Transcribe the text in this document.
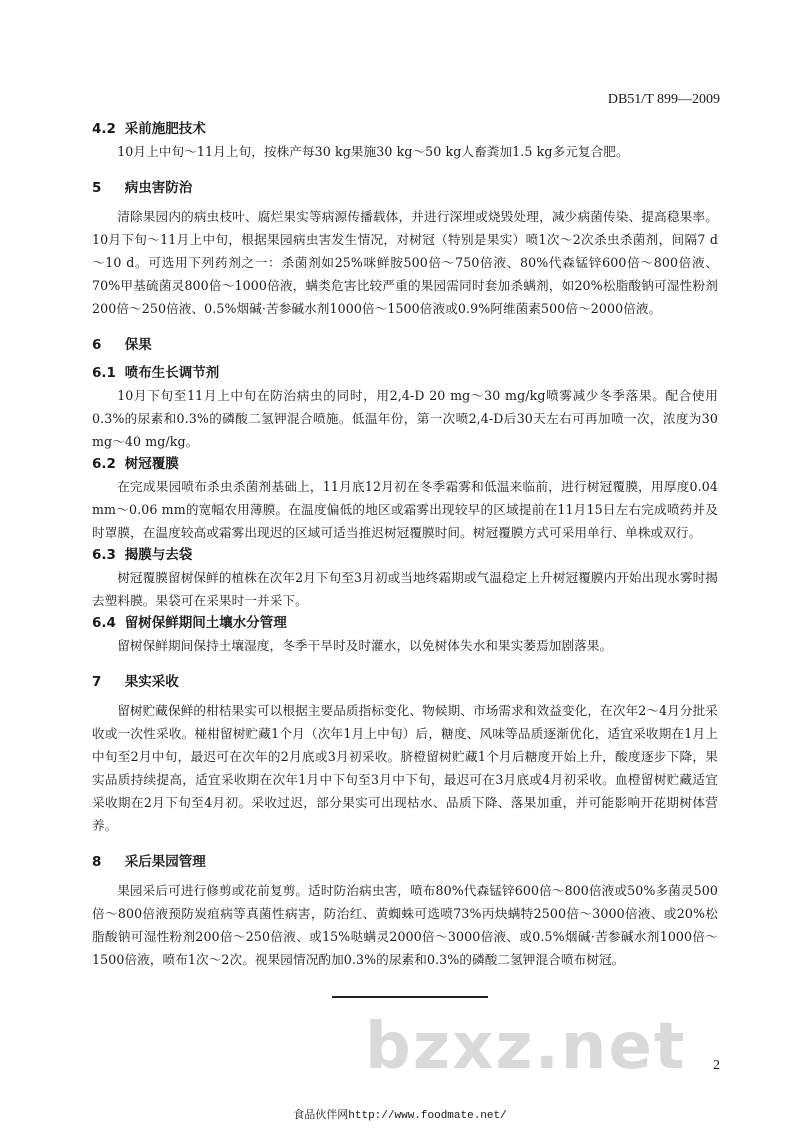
DB51/T 899—2009

4.2 采前施肥技术

10月上中旬～11月上旬，按株产每30 kg果施30 kg～50 kg人畜粪加1.5 kg多元复合肥。

5 病虫害防治

清除果园内的病虫枝叶、腐烂果实等病源传播载体，并进行深埋或烧毁处理，减少病菌传染、提高稳果率。10月下旬～11月上中旬，根据果园病虫害发生情况，对树冠（特别是果实）喷1次～2次杀虫杀菌剂，间隔7 d～10 d。可选用下列药剂之一：杀菌剂如25%咪鲜胺500倍～750倍液、80%代森锰锌600倍～800倍液、70%甲基硫菌灵800倍～1000倍液，螨类危害比较严重的果园需同时套加杀螨剂，如20%松脂酸钠可湿性粉剂200倍～250倍液、0.5%烟碱·苦参碱水剂1000倍～1500倍液或0.9%阿维菌素500倍～2000倍液。

6 保果

6.1 喷布生长调节剂

10月下旬至11月上中旬在防治病虫的同时，用2,4-D 20 mg～30 mg/kg喷雾减少冬季落果。配合使用0.3%的尿素和0.3%的磷酸二氢钾混合喷施。低温年份，第一次喷2,4-D后30天左右可再加喷一次，浓度为30 mg～40 mg/kg。

6.2 树冠覆膜

在完成果园喷布杀虫杀菌剂基础上，11月底12月初在冬季霜雾和低温来临前，进行树冠覆膜，用厚度0.04 mm～0.06 mm的宽幅农用薄膜。在温度偏低的地区或霜雾出现较早的区域提前在11月15日左右完成喷药并及时罩膜，在温度较高或霜雾出现迟的区域可适当推迟树冠覆膜时间。树冠覆膜方式可采用单行、单株或双行。

6.3 揭膜与去袋

树冠覆膜留树保鲜的植株在次年2月下旬至3月初或当地终霜期或气温稳定上升树冠覆膜内开始出现水雾时揭去塑料膜。果袋可在采果时一并采下。

6.4 留树保鲜期间土壤水分管理

留树保鲜期间保持土壤湿度，冬季干旱时及时灌水，以免树体失水和果实萎焉加剧落果。

7 果实采收

留树贮藏保鲜的柑桔果实可以根据主要品质指标变化、物候期、市场需求和效益变化，在次年2～4月分批采收或一次性采收。椪柑留树贮藏1个月（次年1月上中旬）后，糖度、风味等品质逐渐优化，适宜采收期在1月上中旬至2月中旬，最迟可在次年的2月底或3月初采收。脐橙留树贮藏1个月后糖度开始上升，酸度逐步下降，果实品质持续提高，适宜采收期在次年1月中下旬至3月中下旬，最迟可在3月底或4月初采收。血橙留树贮藏适宜采收期在2月下旬至4月初。采收过迟，部分果实可出现枯水、品质下降、落果加重，并可能影响开花期树体营养。

8 采后果园管理

果园采后可进行修剪或花前复剪。适时防治病虫害，喷布80%代森锰锌600倍～800倍液或50%多菌灵500倍～800倍液预防炭疽病等真菌性病害，防治红、黄蜘蛛可选喷73%丙炔螨特2500倍～3000倍液、或20%松脂酸钠可湿性粉剂200倍～250倍液、或15%哒螨灵2000倍～3000倍液、或0.5%烟碱·苦参碱水剂1000倍～1500倍液，喷布1次～2次。视果园情况酌加0.3%的尿素和0.3%的磷酸二氢钾混合喷布树冠。

bzxz.net 2
食品伙伴网http://www.foodmate.net/
